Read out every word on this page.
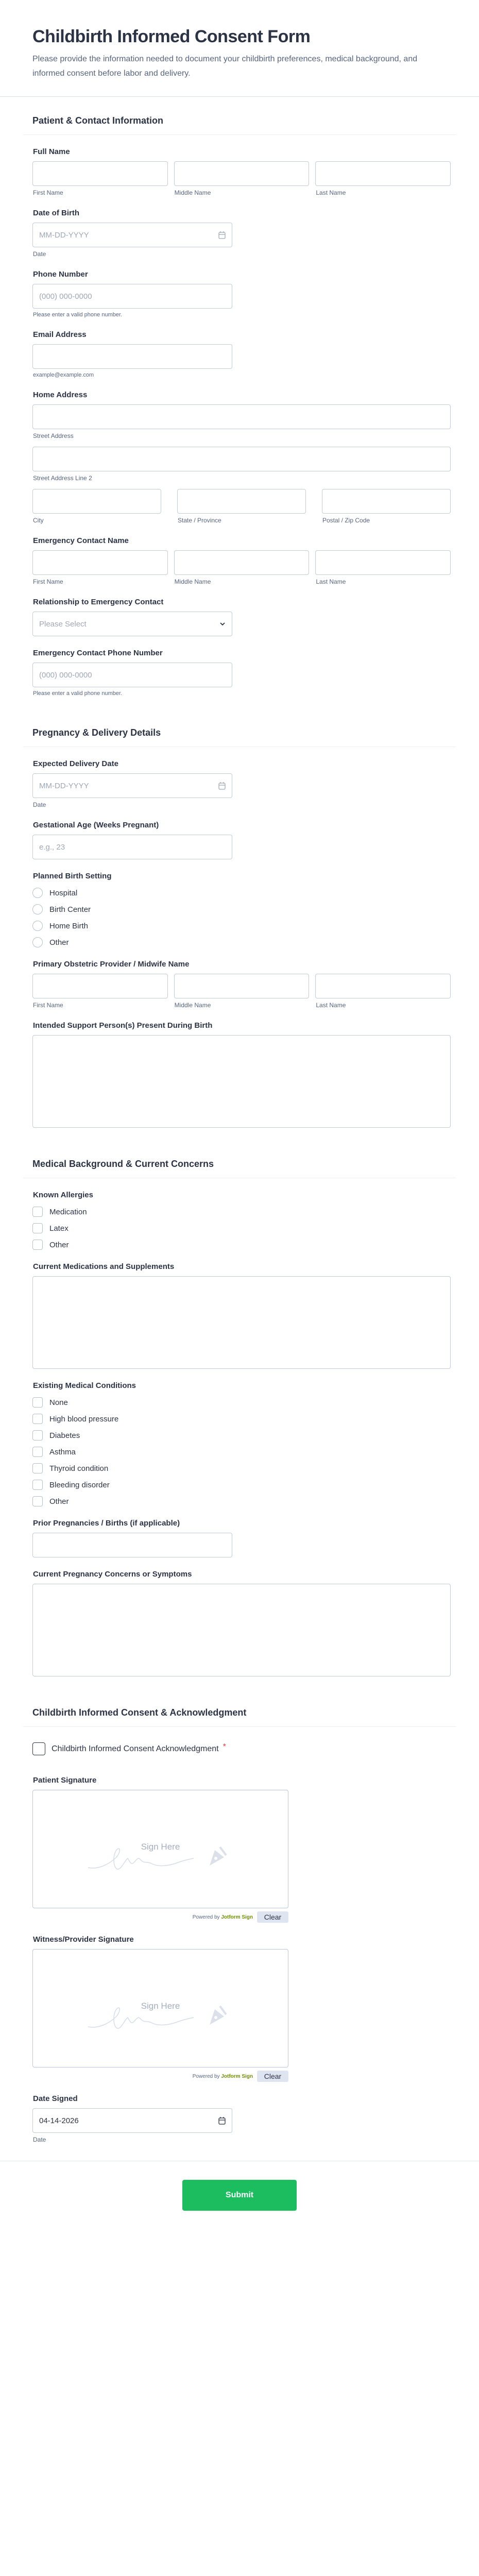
Childbirth Informed Consent Form
Please provide the information needed to document your childbirth preferences, medical background, and informed consent before labor and delivery.
Patient & Contact Information
Full Name
First Name	Middle Name	Last Name
Date of Birth
MM-DD-YYYY
Date
Phone Number
(000) 000-0000
Please enter a valid phone number.
Email Address
example@example.com
Home Address
Street Address
Street Address Line 2
City	State / Province	Postal / Zip Code
Emergency Contact Name
First Name	Middle Name	Last Name
Relationship to Emergency Contact
Please Select
Emergency Contact Phone Number
(000) 000-0000
Please enter a valid phone number.
Pregnancy & Delivery Details
Expected Delivery Date
MM-DD-YYYY
Date
Gestational Age (Weeks Pregnant)
e.g., 23
Planned Birth Setting
Hospital
Birth Center
Home Birth
Other
Primary Obstetric Provider / Midwife Name
First Name	Middle Name	Last Name
Intended Support Person(s) Present During Birth
Medical Background & Current Concerns
Known Allergies
Medication
Latex
Other
Current Medications and Supplements
Existing Medical Conditions
None
High blood pressure
Diabetes
Asthma
Thyroid condition
Bleeding disorder
Other
Prior Pregnancies / Births (if applicable)
Current Pregnancy Concerns or Symptoms
Childbirth Informed Consent & Acknowledgment
Childbirth Informed Consent Acknowledgment *
Patient Signature
Sign Here
Powered by Jotform Sign	Clear
Witness/Provider Signature
Sign Here
Powered by Jotform Sign	Clear
Date Signed
04-14-2026
Date
Submit
